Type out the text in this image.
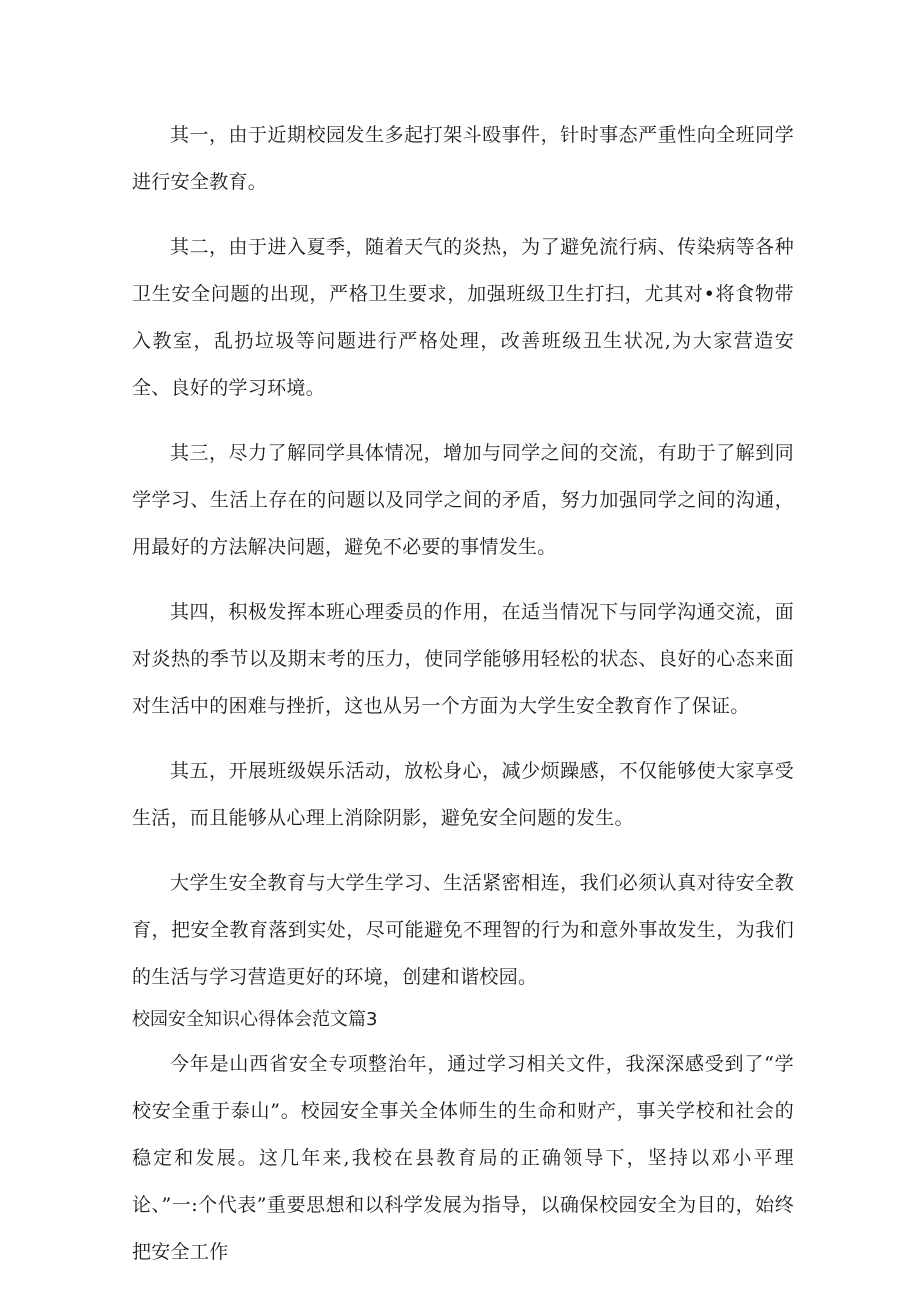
其一，由于近期校园发生多起打架斗殴事件，针时事态严重性向全班同学进行安全教育。

其二，由于进入夏季，随着天气的炎热，为了避免流行病、传染病等各种卫生安全问题的出现，严格卫生要求，加强班级卫生打扫，尤其对•将食物带入教室，乱扔垃圾等问题进行严格处理，改善班级丑生状况,为大家营造安全、良好的学习环境。

其三，尽力了解同学具体情况，增加与同学之间的交流，有助于了解到同学学习、生活上存在的问题以及同学之间的矛盾，努力加强同学之间的沟通，用最好的方法解决问题，避免不必要的事情发生。

其四，积极发挥本班心理委员的作用，在适当情况下与同学沟通交流，面对炎热的季节以及期末考的压力，使同学能够用轻松的状态、良好的心态来面对生活中的困难与挫折，这也从另一个方面为大学生安全教育作了保证。

其五，开展班级娱乐活动，放松身心，减少烦躁感，不仅能够使大家享受生活，而且能够从心理上消除阴影，避免安全问题的发生。

大学生安全教育与大学生学习、生活紧密相连，我们必须认真对待安全教育，把安全教育落到实处，尽可能避免不理智的行为和意外事故发生，为我们的生活与学习营造更好的环境，创建和谐校园。

校园安全知识心得体会范文篇3

今年是山西省安全专项整治年，通过学习相关文件，我深深感受到了“学校安全重于泰山”。校园安全事关全体师生的生命和财产，事关学校和社会的稳定和发展。这几年来,我校在县教育局的正确领导下，坚持以邓小平理论、”一:个代表”重要思想和以科学发展为指导，以确保校园安全为目的，始终把安全工作
